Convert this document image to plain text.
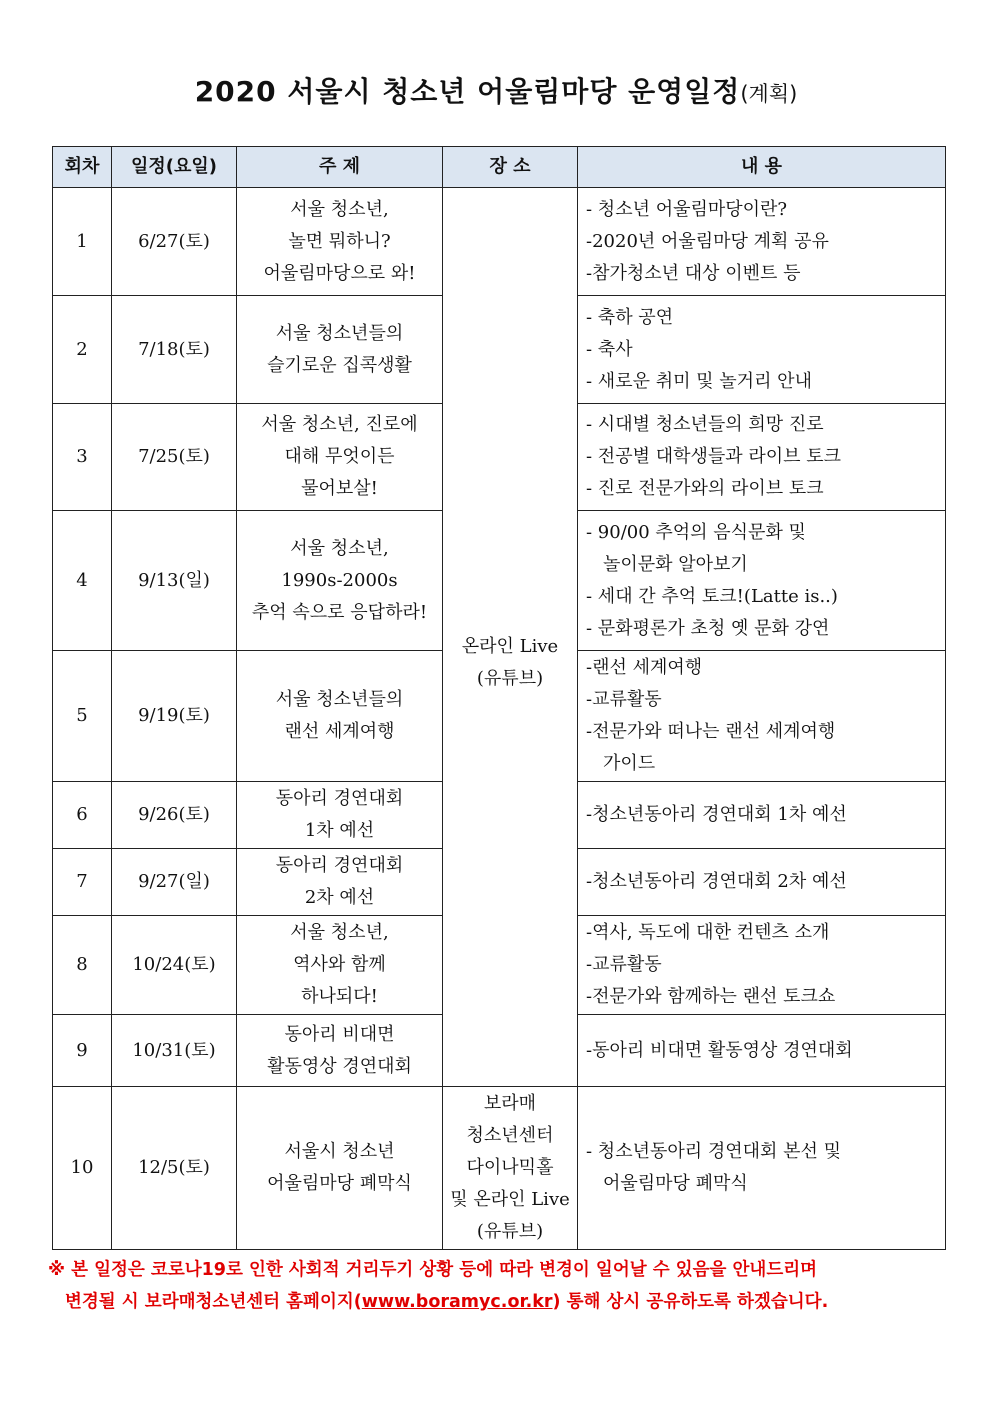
2020 서울시 청소년 어울림마당 운영일정(계획)
회차	일정(요일)	주 제	장 소	내 용
1	6/27(토)	서울 청소년,
놀면 뭐하니?
어울림마당으로 와!	온라인 Live
(유튜브)	- 청소년 어울림마당이란?
-2020년 어울림마당 계획 공유
-참가청소년 대상 이벤트 등

2	7/18(토)	서울 청소년들의
슬기로운 집콕생활		- 축하 공연
- 축사
- 새로운 취미 및 놀거리 안내

3	7/25(토)	서울 청소년, 진로에
대해 무엇이든
물어보살!		- 시대별 청소년들의 희망 진로
- 전공별 대학생들과 라이브 토크
- 진로 전문가와의 라이브 토크

4	9/13(일)	서울 청소년,
1990s-2000s
추억 속으로 응답하라!		- 90/00 추억의 음식문화 및
놀이문화 알아보기
- 세대 간 추억 토크!(Latte is..)
- 문화평론가 초청 옛 문화 강연

5	9/19(토)	서울 청소년들의
랜선 세계여행		-랜선 세계여행
-교류활동
-전문가와 떠나는 랜선 세계여행
가이드

6	9/26(토)	동아리 경연대회
1차 예선		-청소년동아리 경연대회 1차 예선

7	9/27(일)	동아리 경연대회
2차 예선		-청소년동아리 경연대회 2차 예선

8	10/24(토)	서울 청소년,
역사와 함께
하나되다!		-역사, 독도에 대한 컨텐츠 소개
-교류활동
-전문가와 함께하는 랜선 토크쇼

9	10/31(토)	동아리 비대면
활동영상 경연대회		-동아리 비대면 활동영상 경연대회

10	12/5(토)	서울시 청소년
어울림마당 폐막식	보라매
청소년센터
다이나믹홀
및 온라인 Live
(유튜브)	- 청소년동아리 경연대회 본선 및
어울림마당 폐막식
※ 본 일정은 코로나19로 인한 사회적 거리두기 상황 등에 따라 변경이 일어날 수 있음을 안내드리며
변경될 시 보라매청소년센터 홈페이지(www.boramyc.or.kr) 통해 상시 공유하도록 하겠습니다.
